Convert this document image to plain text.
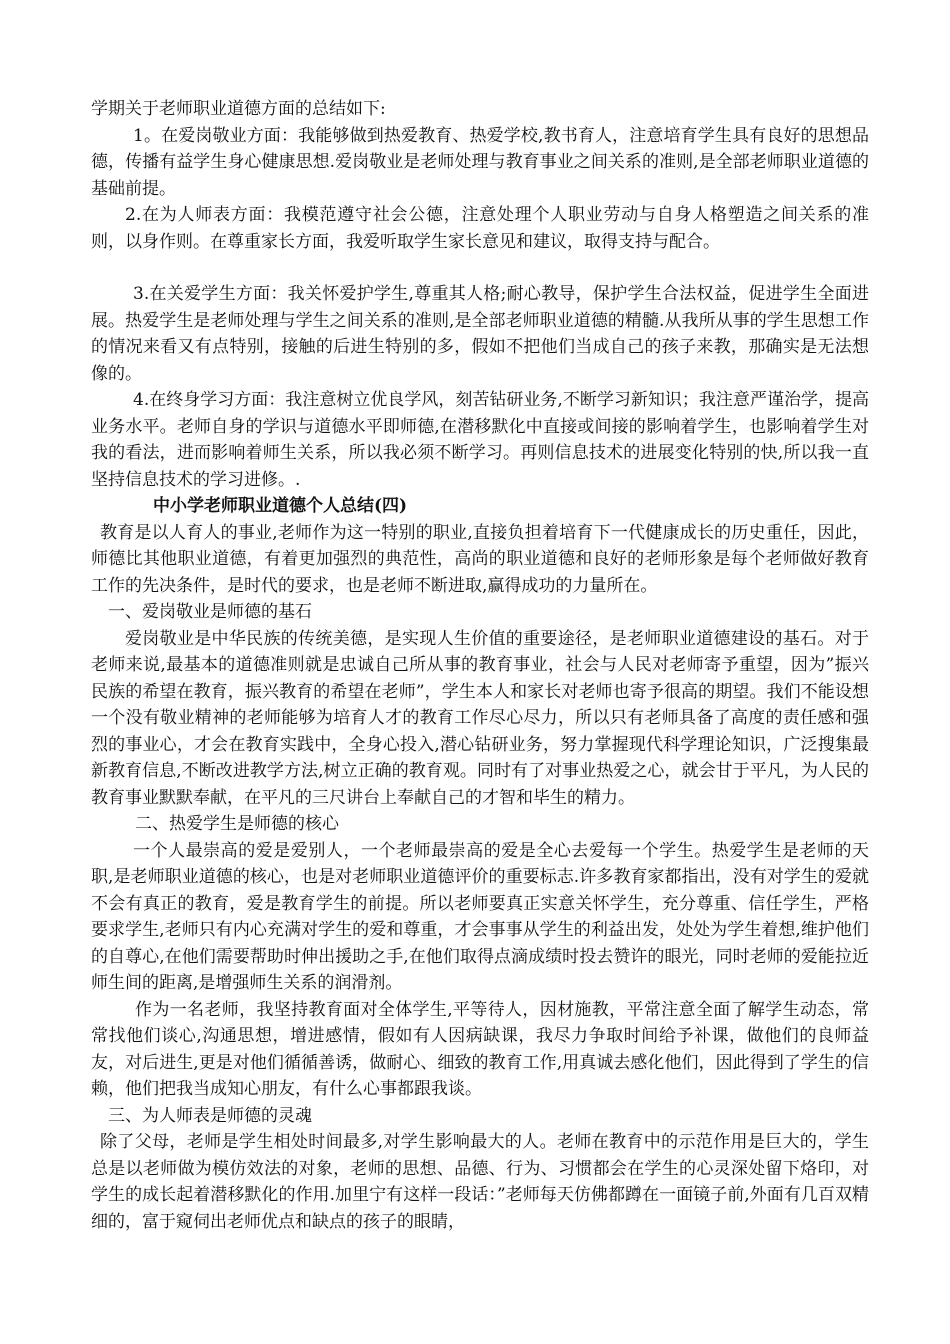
学期关于老师职业道德方面的总结如下:

1。在爱岗敬业方面：我能够做到热爱教育、热爱学校,教书育人，注意培育学生具有良好的思想品德，传播有益学生身心健康思想.爱岗敬业是老师处理与教育事业之间关系的准则,是全部老师职业道德的基础前提。

2.在为人师表方面：我模范遵守社会公德，注意处理个人职业劳动与自身人格塑造之间关系的准则，以身作则。在尊重家长方面，我爱听取学生家长意见和建议，取得支持与配合。

3.在关爱学生方面：我关怀爱护学生,尊重其人格;耐心教导，保护学生合法权益，促进学生全面进展。热爱学生是老师处理与学生之间关系的准则,是全部老师职业道德的精髓.从我所从事的学生思想工作的情况来看又有点特别，接触的后进生特别的多，假如不把他们当成自己的孩子来教，那确实是无法想像的。

4.在终身学习方面：我注意树立优良学风，刻苦钻研业务,不断学习新知识；我注意严谨治学，提高业务水平。老师自身的学识与道德水平即师德,在潜移默化中直接或间接的影响着学生，也影响着学生对我的看法，进而影响着师生关系，所以我必须不断学习。再则信息技术的进展变化特别的快,所以我一直坚持信息技术的学习进修。.

中小学老师职业道德个人总结(四)

教育是以人育人的事业,老师作为这一特别的职业,直接负担着培育下一代健康成长的历史重任，因此，师德比其他职业道德，有着更加强烈的典范性，高尚的职业道德和良好的老师形象是每个老师做好教育工作的先决条件，是时代的要求，也是老师不断进取,赢得成功的力量所在。

一、爱岗敬业是师德的基石

爱岗敬业是中华民族的传统美德，是实现人生价值的重要途径，是老师职业道德建设的基石。对于老师来说,最基本的道德准则就是忠诚自己所从事的教育事业，社会与人民对老师寄予重望，因为”振兴民族的希望在教育，振兴教育的希望在老师”，学生本人和家长对老师也寄予很高的期望。我们不能设想一个没有敬业精神的老师能够为培育人才的教育工作尽心尽力，所以只有老师具备了高度的责任感和强烈的事业心，才会在教育实践中，全身心投入,潜心钻研业务，努力掌握现代科学理论知识，广泛搜集最新教育信息,不断改进教学方法,树立正确的教育观。同时有了对事业热爱之心，就会甘于平凡，为人民的教育事业默默奉献，在平凡的三尺讲台上奉献自己的才智和毕生的精力。

二、热爱学生是师德的核心

一个人最崇高的爱是爱别人，一个老师最崇高的爱是全心去爱每一个学生。热爱学生是老师的天职,是老师职业道德的核心，也是对老师职业道德评价的重要标志.许多教育家都指出，没有对学生的爱就不会有真正的教育，爱是教育学生的前提。所以老师要真正实意关怀学生，充分尊重、信任学生，严格要求学生,老师只有内心充满对学生的爱和尊重，才会事事从学生的利益出发，处处为学生着想,维护他们的自尊心,在他们需要帮助时伸出援助之手,在他们取得点滴成绩时投去赞许的眼光，同时老师的爱能拉近师生间的距离,是增强师生关系的润滑剂。

作为一名老师，我坚持教育面对全体学生,平等待人，因材施教，平常注意全面了解学生动态，常常找他们谈心,沟通思想，增进感情，假如有人因病缺课，我尽力争取时间给予补课，做他们的良师益友，对后进生,更是对他们循循善诱，做耐心、细致的教育工作,用真诚去感化他们，因此得到了学生的信赖，他们把我当成知心朋友，有什么心事都跟我谈。

三、为人师表是师德的灵魂

除了父母，老师是学生相处时间最多,对学生影响最大的人。老师在教育中的示范作用是巨大的，学生总是以老师做为模仿效法的对象，老师的思想、品德、行为、习惯都会在学生的心灵深处留下烙印，对学生的成长起着潜移默化的作用.加里宁有这样一段话：”老师每天仿佛都蹲在一面镜子前,外面有几百双精细的，富于窥伺出老师优点和缺点的孩子的眼睛，
